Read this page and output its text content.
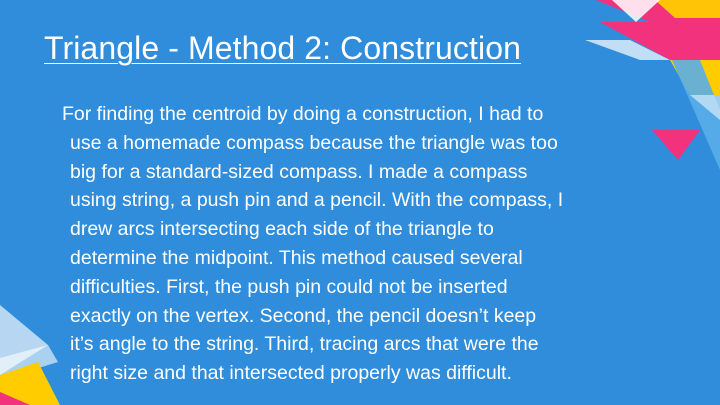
Triangle - Method 2: Construction

For finding the centroid by doing a construction, I had to
use a homemade compass because the triangle was too
big for a standard-sized compass. I made a compass
using string, a push pin and a pencil. With the compass, I
drew arcs intersecting each side of the triangle to
determine the midpoint. This method caused several
difficulties. First, the push pin could not be inserted
exactly on the vertex. Second, the pencil doesn’t keep
it’s angle to the string. Third, tracing arcs that were the
right size and that intersected properly was difficult.
